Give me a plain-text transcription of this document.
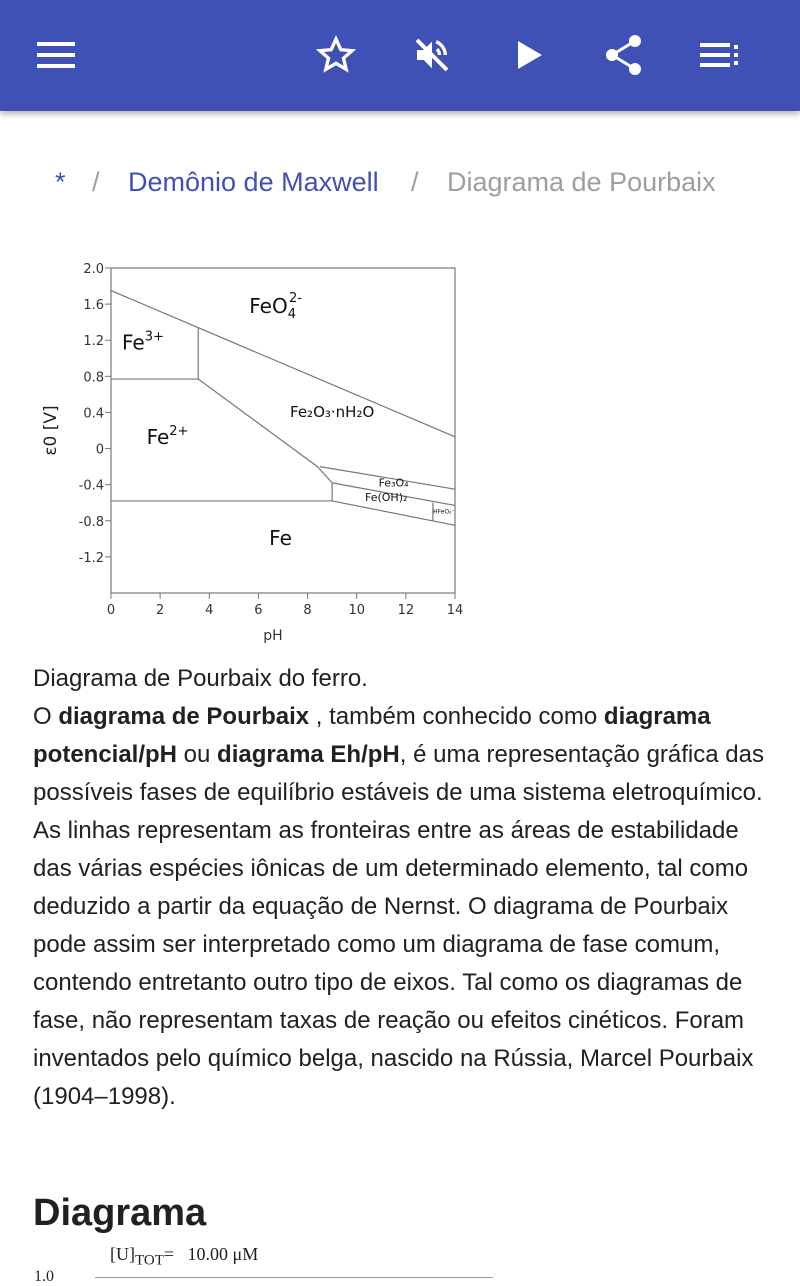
* / Demônio de Maxwell / Diagrama de Pourbaix
2.0
1.6
1.2
0.8
0.4
0
-0.4
-0.8
-1.2
0	2	4	6	8	10	12	14
pH
ε0 [V]
FeO$_4$2-
$Fe^{3+}$
$Fe^{2+}$
Fe₂O₃·nH₂O
Fe₃O₄
Fe(OH)₂
HFeO₂⁻
Fe
Diagrama de Pourbaix do ferro.
O diagrama de Pourbaix , também conhecido como diagrama potencial/pH ou diagrama Eh/pH, é uma representação gráfica das possíveis fases de equilíbrio estáveis de uma sistema eletroquímico. As linhas representam as fronteiras entre as áreas de estabilidade das várias espécies iônicas de um determinado elemento, tal como deduzido a partir da equação de Nernst. O diagrama de Pourbaix pode assim ser interpretado como um diagrama de fase comum, contendo entretanto outro tipo de eixos. Tal como os diagramas de fase, não representam taxas de reação ou efeitos cinéticos. Foram inventados pelo químico belga, nascido na Rússia, Marcel Pourbaix (1904–1998).
Diagrama
$[U]_{TOT}= 10.00$ μM
1.0
